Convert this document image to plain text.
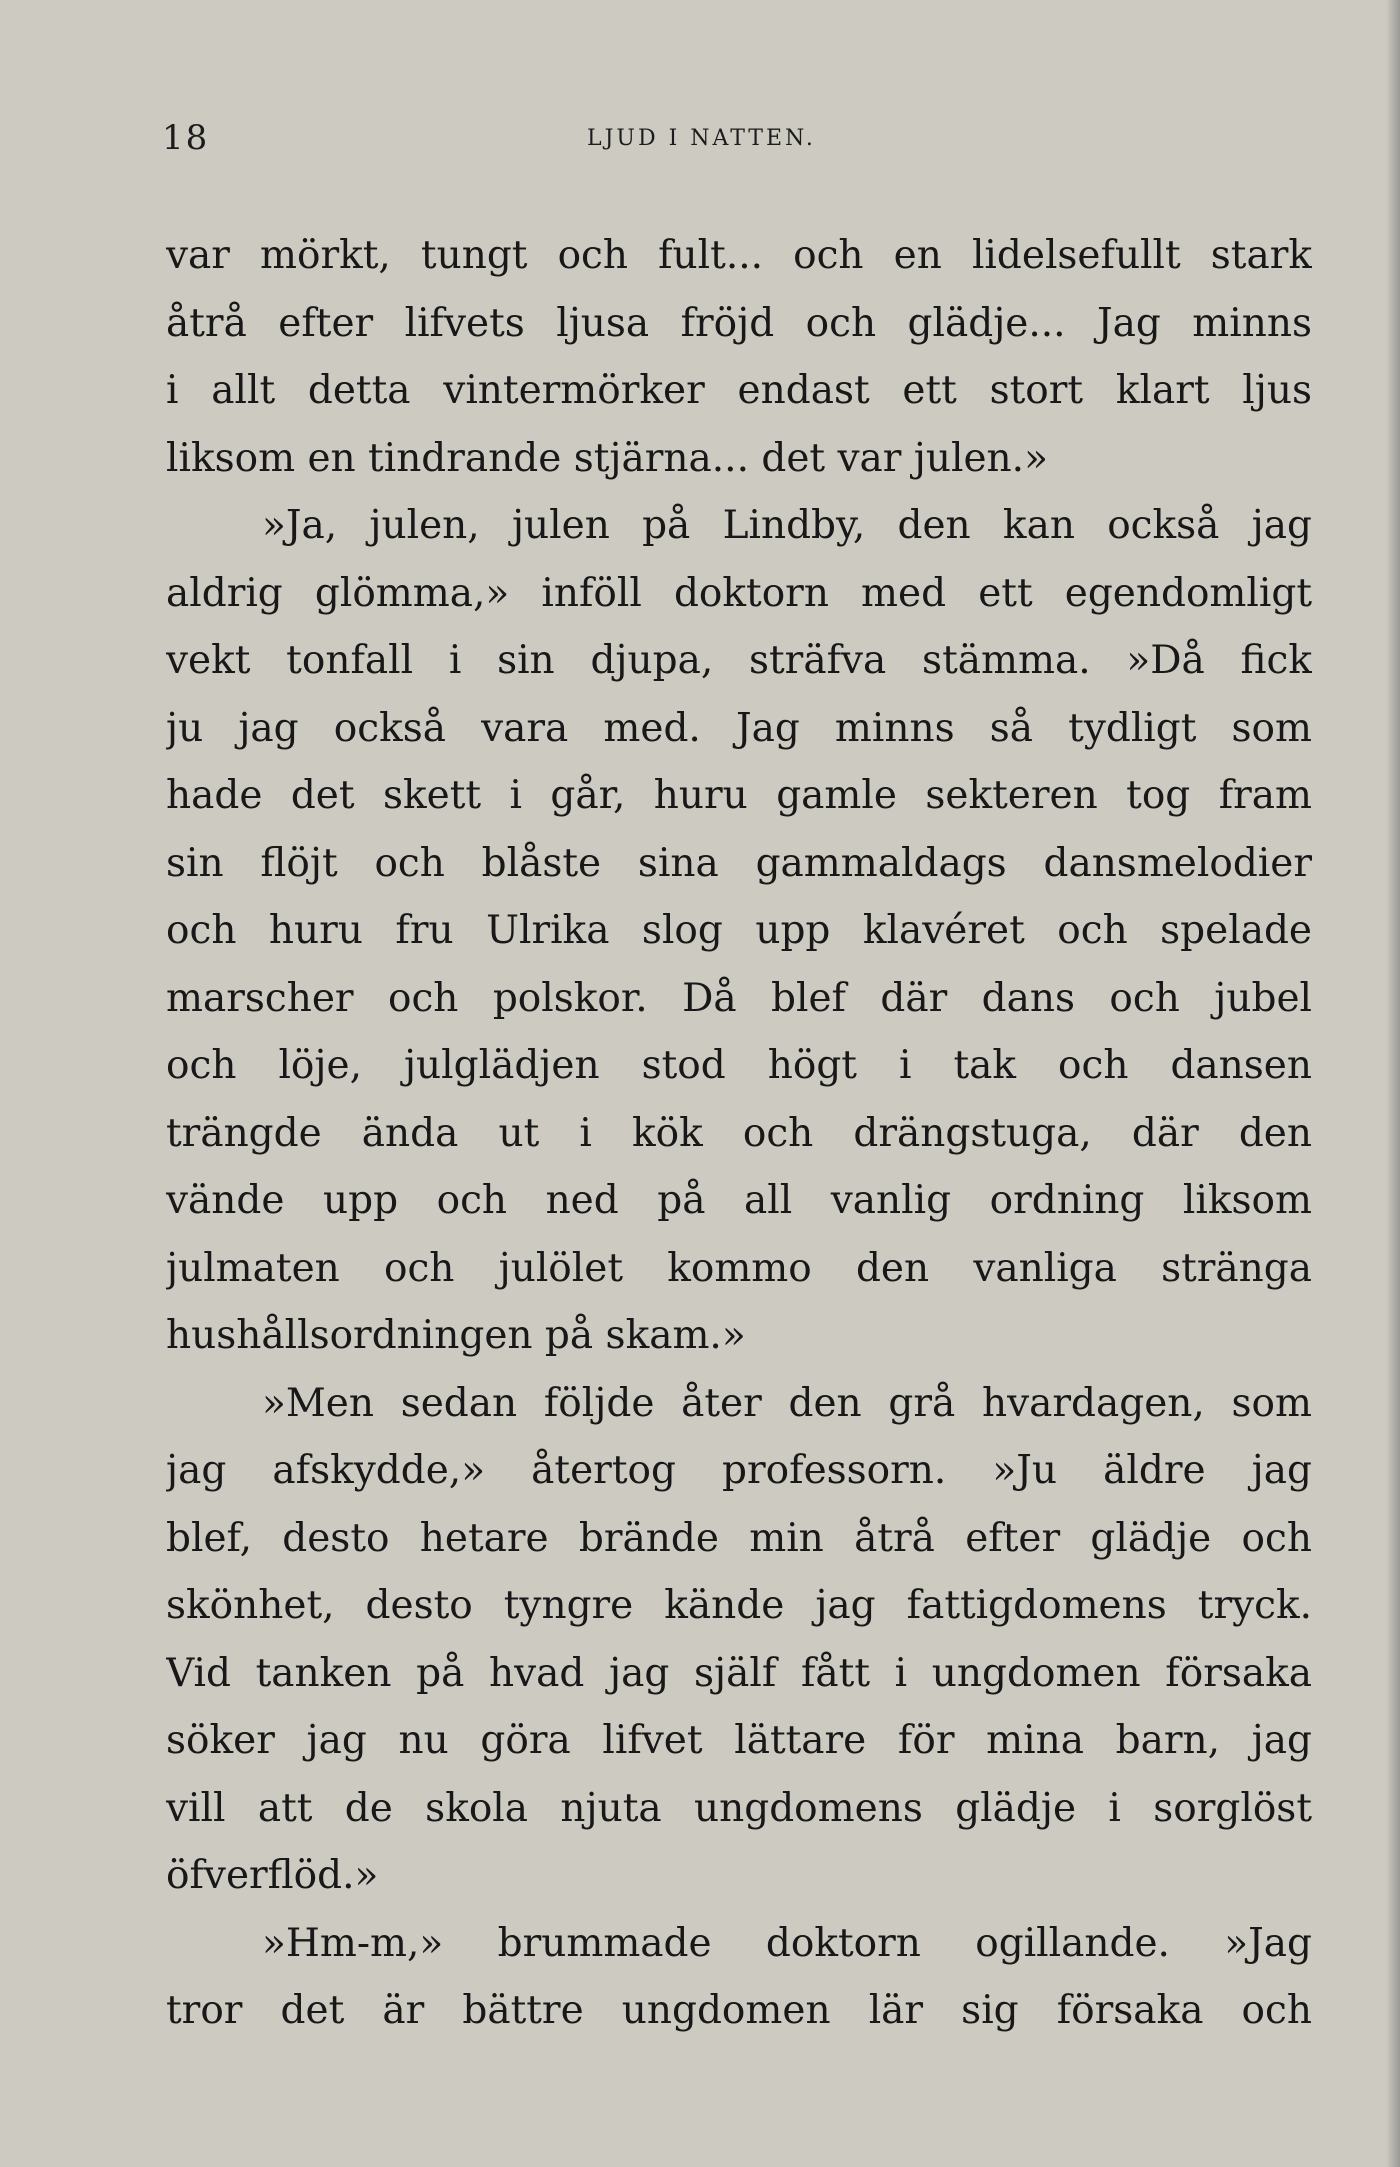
18	LJUD I NATTEN.
var mörkt, tungt och fult... och en lidelsefullt stark
åtrå efter lifvets ljusa fröjd och glädje... Jag minns
i allt detta vintermörker endast ett stort klart ljus
liksom en tindrande stjärna... det var julen.»
»Ja, julen, julen på Lindby, den kan också jag
aldrig glömma,» inföll doktorn med ett egendomligt
vekt tonfall i sin djupa, sträfva stämma. »Då fick
ju jag också vara med. Jag minns så tydligt som
hade det skett i går, huru gamle sekteren tog fram
sin flöjt och blåste sina gammaldags dansmelodier
och huru fru Ulrika slog upp klavéret och spelade
marscher och polskor. Då blef där dans och jubel
och löje, julglädjen stod högt i tak och dansen
trängde ända ut i kök och drängstuga, där den
vände upp och ned på all vanlig ordning liksom
julmaten och julölet kommo den vanliga stränga
hushållsordningen på skam.»
»Men sedan följde åter den grå hvardagen, som
jag afskydde,» återtog professorn. »Ju äldre jag
blef, desto hetare brände min åtrå efter glädje och
skönhet, desto tyngre kände jag fattigdomens tryck.
Vid tanken på hvad jag själf fått i ungdomen försaka
söker jag nu göra lifvet lättare för mina barn, jag
vill att de skola njuta ungdomens glädje i sorglöst
öfverflöd.»
»Hm-m,» brummade doktorn ogillande. »Jag
tror det är bättre ungdomen lär sig försaka och
